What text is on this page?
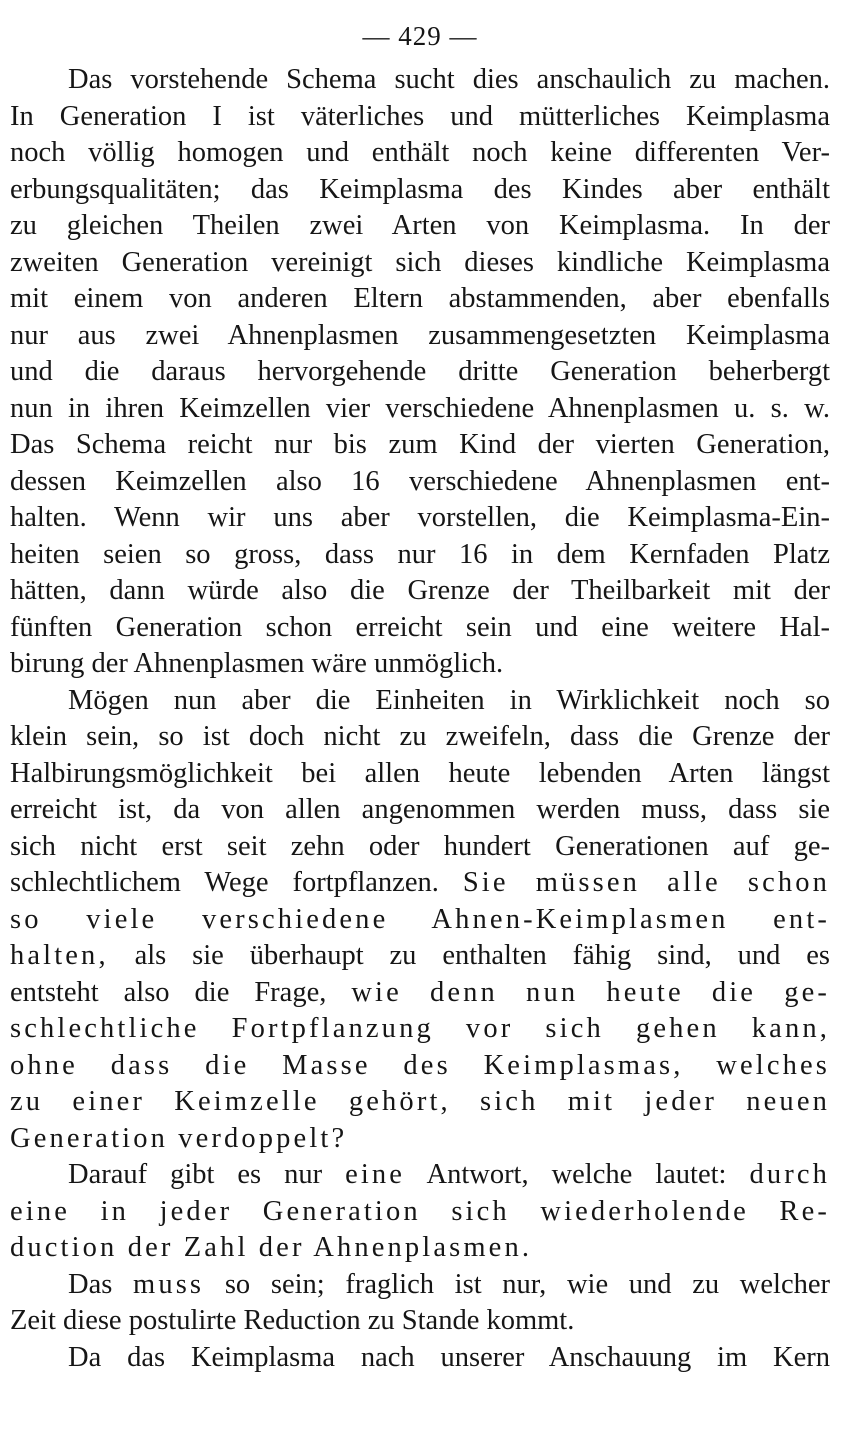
— 429 —
Das vorstehende Schema sucht dies anschaulich zu machen.
In Generation I ist väterliches und mütterliches Keimplasma
noch völlig homogen und enthält noch keine differenten Ver-
erbungsqualitäten; das Keimplasma des Kindes aber enthält
zu gleichen Theilen zwei Arten von Keimplasma. In der
zweiten Generation vereinigt sich dieses kindliche Keimplasma
mit einem von anderen Eltern abstammenden, aber ebenfalls
nur aus zwei Ahnenplasmen zusammengesetzten Keimplasma
und die daraus hervorgehende dritte Generation beherbergt
nun in ihren Keimzellen vier verschiedene Ahnenplasmen u. s. w.
Das Schema reicht nur bis zum Kind der vierten Generation,
dessen Keimzellen also 16 verschiedene Ahnenplasmen ent-
halten. Wenn wir uns aber vorstellen, die Keimplasma-Ein-
heiten seien so gross, dass nur 16 in dem Kernfaden Platz
hätten, dann würde also die Grenze der Theilbarkeit mit der
fünften Generation schon erreicht sein und eine weitere Hal-
birung der Ahnenplasmen wäre unmöglich.
Mögen nun aber die Einheiten in Wirklichkeit noch so
klein sein, so ist doch nicht zu zweifeln, dass die Grenze der
Halbirungsmöglichkeit bei allen heute lebenden Arten längst
erreicht ist, da von allen angenommen werden muss, dass sie
sich nicht erst seit zehn oder hundert Generationen auf ge-
schlechtlichem Wege fortpflanzen. Sie müssen alle schon
so viele verschiedene Ahnen-Keimplasmen ent-
halten, als sie überhaupt zu enthalten fähig sind, und es
entsteht also die Frage, wie denn nun heute die ge-
schlechtliche Fortpflanzung vor sich gehen kann,
ohne dass die Masse des Keimplasmas, welches
zu einer Keimzelle gehört, sich mit jeder neuen
Generation verdoppelt?
Darauf gibt es nur eine Antwort, welche lautet: durch
eine in jeder Generation sich wiederholende Re-
duction der Zahl der Ahnenplasmen.
Das muss so sein; fraglich ist nur, wie und zu welcher
Zeit diese postulirte Reduction zu Stande kommt.
Da das Keimplasma nach unserer Anschauung im Kern
